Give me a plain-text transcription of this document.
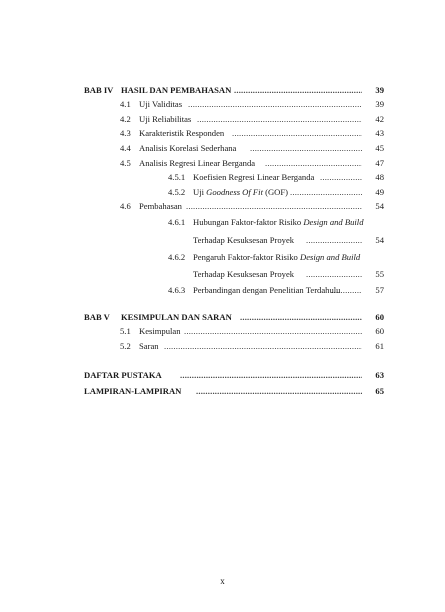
BAB IV HASIL DAN PEMBAHASAN .....	39
4.1 Uji Validitas .....	39
4.2 Uji Reliabilitas .....	42
4.3 Karakteristik Responden .....	43
4.4 Analisis Korelasi Sederhana .....	45
4.5 Analisis Regresi Linear Berganda .....	47
4.5.1 Koefisien Regresi Linear Berganda .....	48
4.5.2 Uji Goodness Of Fit (GOF) .....	49
4.6 Pembahasan .....	54
4.6.1 Hubungan Faktor-faktor Risiko Design and Build
Terhadap Kesuksesan Proyek .....	54
4.6.2 Pengaruh Faktor-faktor Risiko Design and Build
Terhadap Kesuksesan Proyek .....	55
4.6.3 Perbandingan dengan Penelitian Terdahulu .....	57
BAB V KESIMPULAN DAN SARAN .....	60
5.1 Kesimpulan .....	60
5.2 Saran .....	61
DAFTAR PUSTAKA .....	63
LAMPIRAN-LAMPIRAN .....	65
x
